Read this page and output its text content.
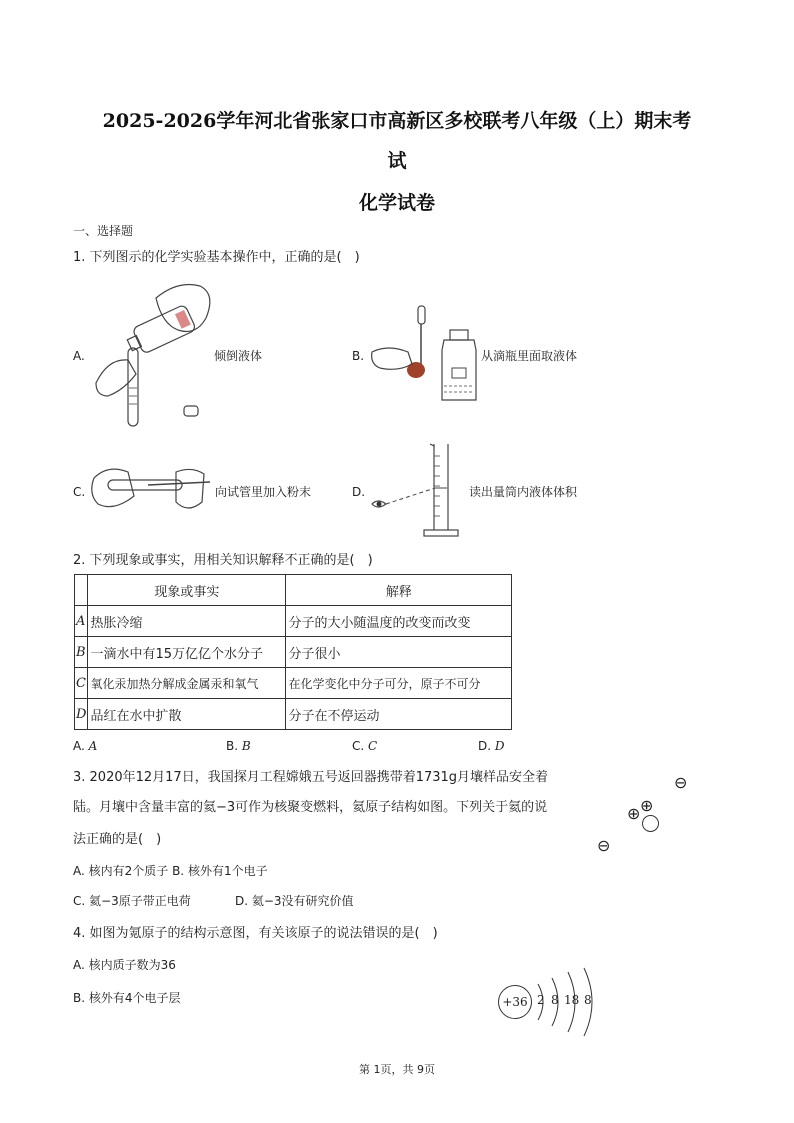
2025-2026学年河北省张家口市高新区多校联考八年级（上）期末考
试
化学试卷
一、选择题
1. 下列图示的化学实验基本操作中，正确的是(　)
A.	倾倒液体	B.	从滴瓶里面取液体
C.	向试管里加入粉末	D.	读出量筒内液体体积
2. 下列现象或事实，用相关知识解释不正确的是(　)
	现象或事实	解释
A	热胀冷缩	分子的大小随温度的改变而改变
B	一滴水中有15万亿亿个水分子	分子很小
C	氧化汞加热分解成金属汞和氧气	在化学变化中分子可分，原子不可分
D	品红在水中扩散	分子在不停运动
A. A	B. B	C. C	D. D
3. 2020年12月17日，我国探月工程嫦娥五号返回器携带着1731g月壤样品安全着
陆。月壤中含量丰富的氦−3可作为核聚变燃料，氦原子结构如图。下列关于氦的说
法正确的是(　)
A. 核内有2个质子 B. 核外有1个电子
C. 氦−3原子带正电荷	D. 氦−3没有研究价值
⊖
⊕
⊕
⊖
4. 如图为氪原子的结构示意图，有关该原子的说法错误的是(　)
A. 核内质子数为36
B. 核外有4个电子层	+36 2 8 18 8
第 1页，共 9页
